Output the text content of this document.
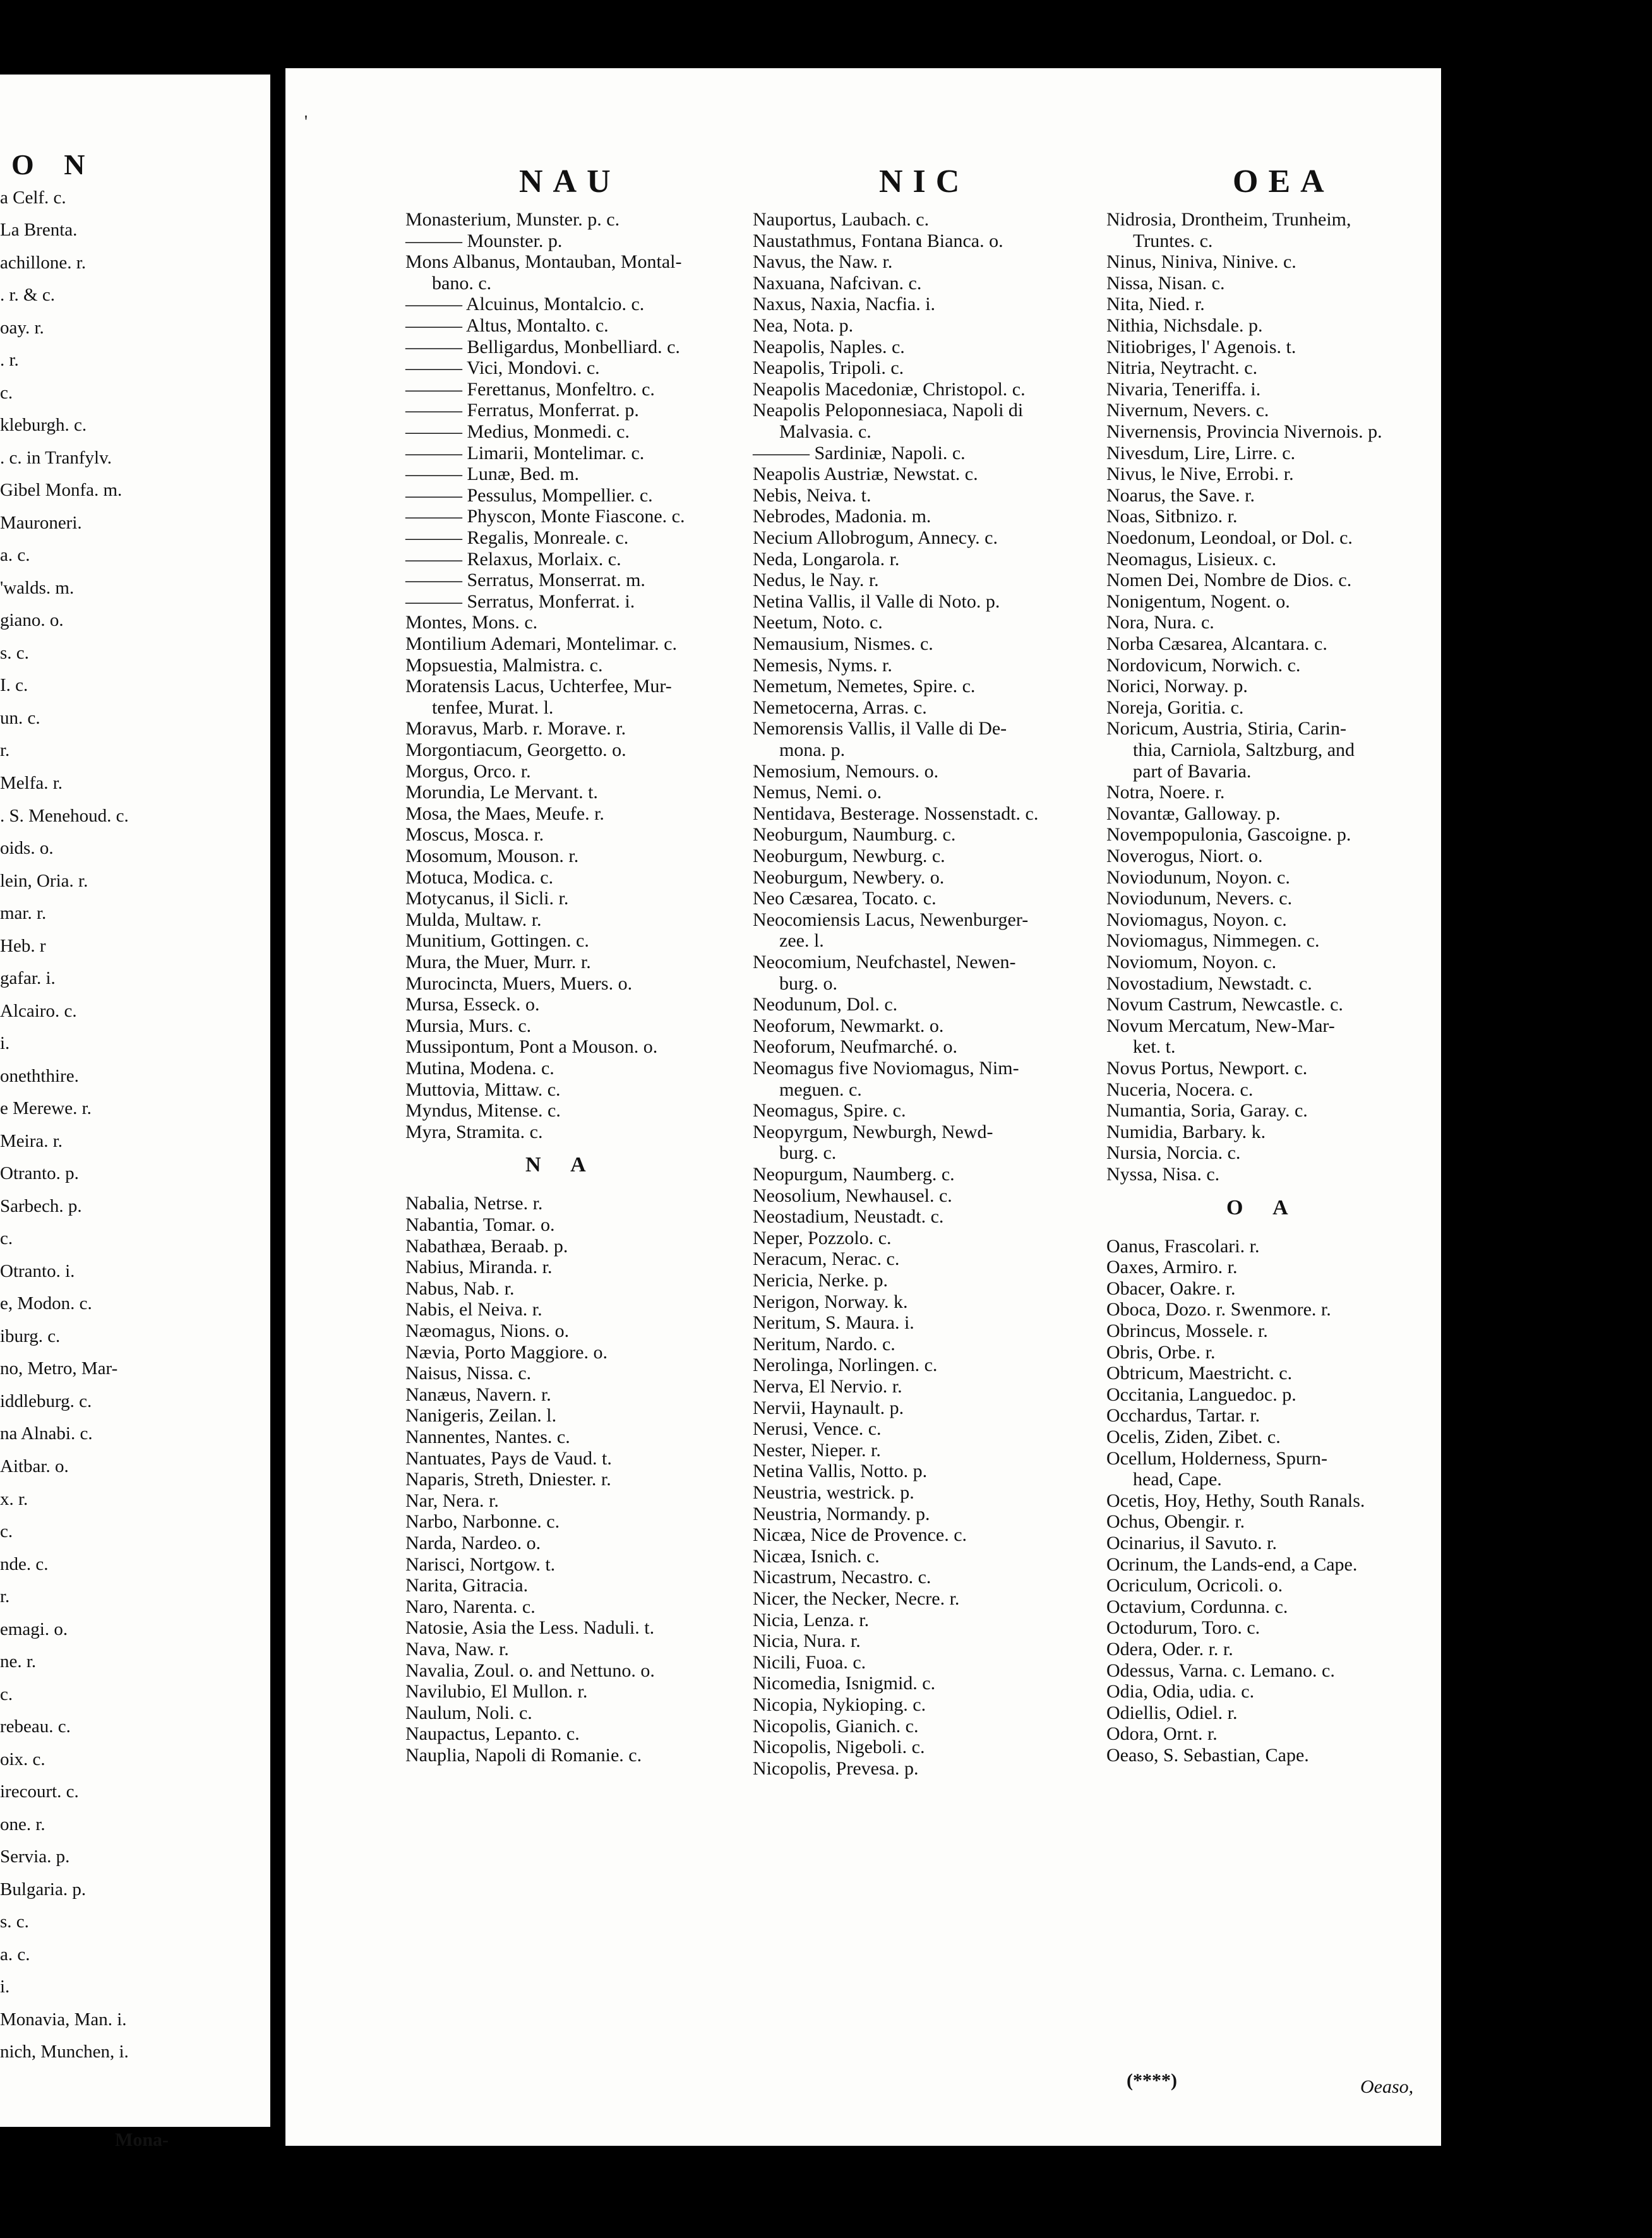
O N
a Celf. c.
La Brenta.
achillone. r.
. r. & c.
oay. r.
. r.
c.
kleburgh. c.
. c. in Tranfylv.
Gibel Monfa. m.
Mauroneri.
a. c.
'walds. m.
giano. o.
s. c.
I. c.
un. c.
r.
Melfa. r.
. S. Menehoud. c.
oids. o.
lein, Oria. r.
mar. r.
Heb. r
gafar. i.
Alcairo. c.
i.
oneththire.
e Merewe. r.
Meira. r.
Otranto. p.
Sarbech. p.
c.
Otranto. i.
e, Modon. c.
iburg. c.
no, Metro, Mar-
iddleburg. c.
na Alnabi. c.
Aitbar. o.
x. r.
c.
nde. c.
r.
emagi. o.
ne. r.
c.
rebeau. c.
oix. c.
irecourt. c.
one. r.
Servia. p.
Bulgaria. p.
s. c.
a. c.
i.
Monavia, Man. i.
nich, Munchen, i.
Mona-
'
NAU
Monasterium, Munster. p. c.
——— Mounster. p.
Mons Albanus, Montauban, Montal-
bano. c.
——— Alcuinus, Montalcio. c.
——— Altus, Montalto. c.
——— Belligardus, Monbelliard. c.
——— Vici, Mondovi. c.
——— Ferettanus, Monfeltro. c.
——— Ferratus, Monferrat. p.
——— Medius, Monmedi. c.
——— Limarii, Montelimar. c.
——— Lunæ, Bed. m.
——— Pessulus, Mompellier. c.
——— Physcon, Monte Fiascone. c.
——— Regalis, Monreale. c.
——— Relaxus, Morlaix. c.
——— Serratus, Monserrat. m.
——— Serratus, Monferrat. i.
Montes, Mons. c.
Montilium Ademari, Montelimar. c.
Mopsuestia, Malmistra. c.
Moratensis Lacus, Uchterfee, Mur-
tenfee, Murat. l.
Moravus, Marb. r. Morave. r.
Morgontiacum, Georgetto. o.
Morgus, Orco. r.
Morundia, Le Mervant. t.
Mosa, the Maes, Meufe. r.
Moscus, Mosca. r.
Mosomum, Mouson. r.
Motuca, Modica. c.
Motycanus, il Sicli. r.
Mulda, Multaw. r.
Munitium, Gottingen. c.
Mura, the Muer, Murr. r.
Murocincta, Muers, Muers. o.
Mursa, Esseck. o.
Mursia, Murs. c.
Mussipontum, Pont a Mouson. o.
Mutina, Modena. c.
Muttovia, Mittaw. c.
Myndus, Mitense. c.
Myra, Stramita. c.
N A
Nabalia, Netrse. r.
Nabantia, Tomar. o.
Nabathæa, Beraab. p.
Nabius, Miranda. r.
Nabus, Nab. r.
Nabis, el Neiva. r.
Næomagus, Nions. o.
Nævia, Porto Maggiore. o.
Naisus, Nissa. c.
Nanæus, Navern. r.
Nanigeris, Zeilan. l.
Nannentes, Nantes. c.
Nantuates, Pays de Vaud. t.
Naparis, Streth, Dniester. r.
Nar, Nera. r.
Narbo, Narbonne. c.
Narda, Nardeo. o.
Narisci, Nortgow. t.
Narita, Gitracia.
Naro, Narenta. c.
Natosie, Asia the Less. Naduli. t.
Nava, Naw. r.
Navalia, Zoul. o. and Nettuno. o.
Navilubio, El Mullon. r.
Naulum, Noli. c.
Naupactus, Lepanto. c.
Nauplia, Napoli di Romanie. c.
NIC
Nauportus, Laubach. c.
Naustathmus, Fontana Bianca. o.
Navus, the Naw. r.
Naxuana, Nafcivan. c.
Naxus, Naxia, Nacfia. i.
Nea, Nota. p.
Neapolis, Naples. c.
Neapolis, Tripoli. c.
Neapolis Macedoniæ, Christopol. c.
Neapolis Peloponnesiaca, Napoli di
Malvasia. c.
——— Sardiniæ, Napoli. c.
Neapolis Austriæ, Newstat. c.
Nebis, Neiva. t.
Nebrodes, Madonia. m.
Necium Allobrogum, Annecy. c.
Neda, Longarola. r.
Nedus, le Nay. r.
Netina Vallis, il Valle di Noto. p.
Neetum, Noto. c.
Nemausium, Nismes. c.
Nemesis, Nyms. r.
Nemetum, Nemetes, Spire. c.
Nemetocerna, Arras. c.
Nemorensis Vallis, il Valle di De-
mona. p.
Nemosium, Nemours. o.
Nemus, Nemi. o.
Nentidava, Besterage. Nossenstadt. c.
Neoburgum, Naumburg. c.
Neoburgum, Newburg. c.
Neoburgum, Newbery. o.
Neo Cæsarea, Tocato. c.
Neocomiensis Lacus, Newenburger-
zee. l.
Neocomium, Neufchastel, Newen-
burg. o.
Neodunum, Dol. c.
Neoforum, Newmarkt. o.
Neoforum, Neufmarché. o.
Neomagus five Noviomagus, Nim-
meguen. c.
Neomagus, Spire. c.
Neopyrgum, Newburgh, Newd-
burg. c.
Neopurgum, Naumberg. c.
Neosolium, Newhausel. c.
Neostadium, Neustadt. c.
Neper, Pozzolo. c.
Neracum, Nerac. c.
Nericia, Nerke. p.
Nerigon, Norway. k.
Neritum, S. Maura. i.
Neritum, Nardo. c.
Nerolinga, Norlingen. c.
Nerva, El Nervio. r.
Nervii, Haynault. p.
Nerusi, Vence. c.
Nester, Nieper. r.
Netina Vallis, Notto. p.
Neustria, westrick. p.
Neustria, Normandy. p.
Nicæa, Nice de Provence. c.
Nicæa, Isnich. c.
Nicastrum, Necastro. c.
Nicer, the Necker, Necre. r.
Nicia, Lenza. r.
Nicia, Nura. r.
Nicili, Fuoa. c.
Nicomedia, Isnigmid. c.
Nicopia, Nykioping. c.
Nicopolis, Gianich. c.
Nicopolis, Nigeboli. c.
Nicopolis, Prevesa. p.
OEA
Nidrosia, Drontheim, Trunheim,
Truntes. c.
Ninus, Niniva, Ninive. c.
Nissa, Nisan. c.
Nita, Nied. r.
Nithia, Nichsdale. p.
Nitiobriges, l' Agenois. t.
Nitria, Neytracht. c.
Nivaria, Teneriffa. i.
Nivernum, Nevers. c.
Nivernensis, Provincia Nivernois. p.
Nivesdum, Lire, Lirre. c.
Nivus, le Nive, Errobi. r.
Noarus, the Save. r.
Noas, Sitbnizo. r.
Noedonum, Leondoal, or Dol. c.
Neomagus, Lisieux. c.
Nomen Dei, Nombre de Dios. c.
Nonigentum, Nogent. o.
Nora, Nura. c.
Norba Cæsarea, Alcantara. c.
Nordovicum, Norwich. c.
Norici, Norway. p.
Noreja, Goritia. c.
Noricum, Austria, Stiria, Carin-
thia, Carniola, Saltzburg, and
part of Bavaria.
Notra, Noere. r.
Novantæ, Galloway. p.
Novempopulonia, Gascoigne. p.
Noverogus, Niort. o.
Noviodunum, Noyon. c.
Noviodunum, Nevers. c.
Noviomagus, Noyon. c.
Noviomagus, Nimmegen. c.
Noviomum, Noyon. c.
Novostadium, Newstadt. c.
Novum Castrum, Newcastle. c.
Novum Mercatum, New-Mar-
ket. t.
Novus Portus, Newport. c.
Nuceria, Nocera. c.
Numantia, Soria, Garay. c.
Numidia, Barbary. k.
Nursia, Norcia. c.
Nyssa, Nisa. c.
O A
Oanus, Frascolari. r.
Oaxes, Armiro. r.
Obacer, Oakre. r.
Oboca, Dozo. r. Swenmore. r.
Obrincus, Mossele. r.
Obris, Orbe. r.
Obtricum, Maestricht. c.
Occitania, Languedoc. p.
Occhardus, Tartar. r.
Ocelis, Ziden, Zibet. c.
Ocellum, Holderness, Spurn-
head, Cape.
Ocetis, Hoy, Hethy, South Ranals.
Ochus, Obengir. r.
Ocinarius, il Savuto. r.
Ocrinum, the Lands-end, a Cape.
Ocriculum, Ocricoli. o.
Octavium, Cordunna. c.
Octodurum, Toro. c.
Odera, Oder. r. r.
Odessus, Varna. c. Lemano. c.
Odia, Odia, udia. c.
Odiellis, Odiel. r.
Odora, Ornt. r.
Oeaso, S. Sebastian, Cape.
(****)	Oeaso,
